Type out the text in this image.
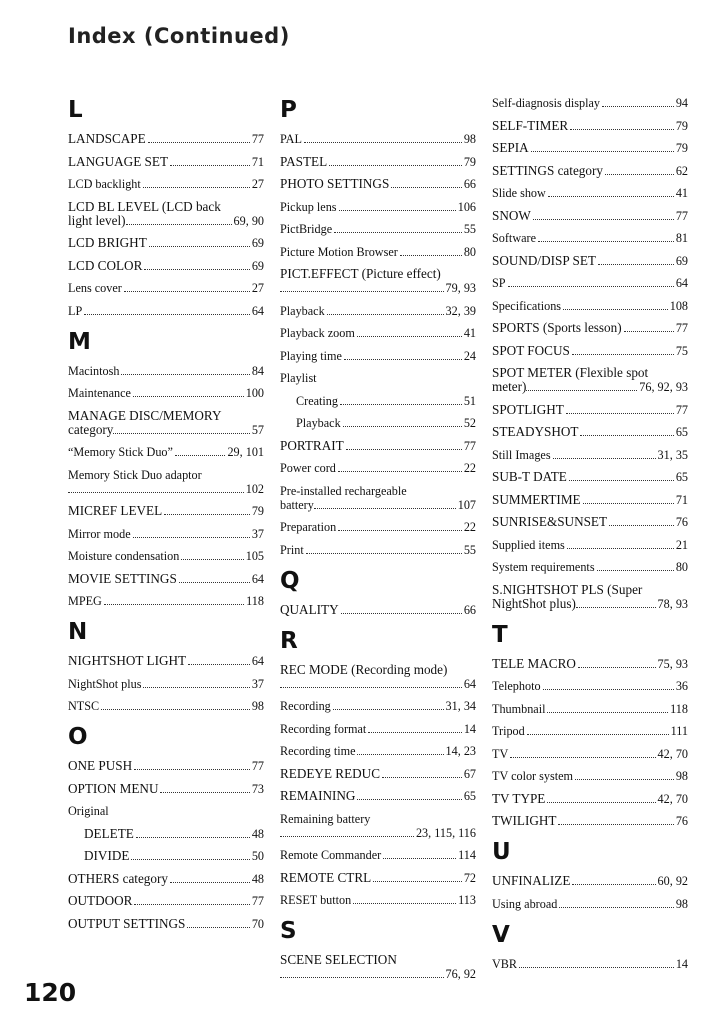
Index (Continued)
L
LANDSCAPE	77
LANGUAGE SET	71
LCD backlight	27
LCD BL LEVEL (LCD back
light level)	69, 90
LCD BRIGHT	69
LCD COLOR	69
Lens cover	27
LP	64
M
Macintosh	84
Maintenance	100
MANAGE DISC/MEMORY
category	57
“Memory Stick Duo”	29, 101
Memory Stick Duo adaptor
102
MICREF LEVEL	79
Mirror mode	37
Moisture condensation	105
MOVIE SETTINGS	64
MPEG	118
N
NIGHTSHOT LIGHT	64
NightShot plus	37
NTSC	98
O
ONE PUSH	77
OPTION MENU	73
Original
DELETE	48
DIVIDE	50
OTHERS category	48
OUTDOOR	77
OUTPUT SETTINGS	70
P
PAL	98
PASTEL	79
PHOTO SETTINGS	66
Pickup lens	106
PictBridge	55
Picture Motion Browser	80
PICT.EFFECT (Picture effect)
79, 93
Playback	32, 39
Playback zoom	41
Playing time	24
Playlist
Creating	51
Playback	52
PORTRAIT	77
Power cord	22
Pre-installed rechargeable
battery	107
Preparation	22
Print	55
Q
QUALITY	66
R
REC MODE (Recording mode)
64
Recording	31, 34
Recording format	14
Recording time	14, 23
REDEYE REDUC	67
REMAINING	65
Remaining battery
23, 115, 116
Remote Commander	114
REMOTE CTRL	72
RESET button	113
S
SCENE SELECTION
76, 92
Self-diagnosis display	94
SELF-TIMER	79
SEPIA	79
SETTINGS category	62
Slide show	41
SNOW	77
Software	81
SOUND/DISP SET	69
SP	64
Specifications	108
SPORTS (Sports lesson)	77
SPOT FOCUS	75
SPOT METER (Flexible spot
meter)	76, 92, 93
SPOTLIGHT	77
STEADYSHOT	65
Still Images	31, 35
SUB-T DATE	65
SUMMERTIME	71
SUNRISE&SUNSET	76
Supplied items	21
System requirements	80
S.NIGHTSHOT PLS (Super
NightShot plus)	78, 93
T
TELE MACRO	75, 93
Telephoto	36
Thumbnail	118
Tripod	111
TV	42, 70
TV color system	98
TV TYPE	42, 70
TWILIGHT	76
U
UNFINALIZE	60, 92
Using abroad	98
V
VBR	14
120
